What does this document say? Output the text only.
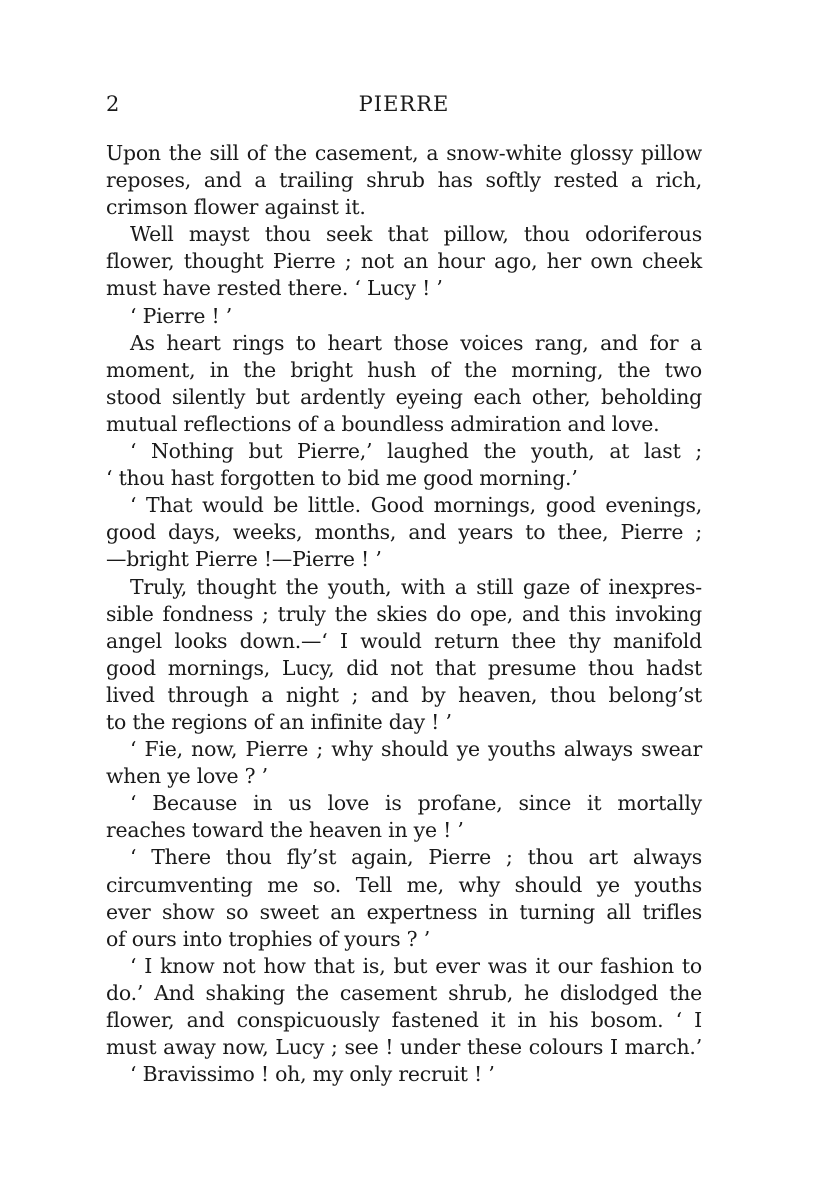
2	PIERRE
Upon the sill of the casement, a snow-white glossy pillow
reposes, and a trailing shrub has softly rested a rich,
crimson flower against it.
Well mayst thou seek that pillow, thou odoriferous
flower, thought Pierre ; not an hour ago, her own cheek
must have rested there. ‘ Lucy ! ’
‘ Pierre ! ’
As heart rings to heart those voices rang, and for a
moment, in the bright hush of the morning, the two
stood silently but ardently eyeing each other, beholding
mutual reflections of a boundless admiration and love.
‘ Nothing but Pierre,’ laughed the youth, at last ;
‘ thou hast forgotten to bid me good morning.’
‘ That would be little. Good mornings, good evenings,
good days, weeks, months, and years to thee, Pierre ;
—bright Pierre !—Pierre ! ’
Truly, thought the youth, with a still gaze of inexpres-
sible fondness ; truly the skies do ope, and this invoking
angel looks down.—‘ I would return thee thy manifold
good mornings, Lucy, did not that presume thou hadst
lived through a night ; and by heaven, thou belong’st
to the regions of an infinite day ! ’
‘ Fie, now, Pierre ; why should ye youths always swear
when ye love ? ’
‘ Because in us love is profane, since it mortally
reaches toward the heaven in ye ! ’
‘ There thou fly’st again, Pierre ; thou art always
circumventing me so. Tell me, why should ye youths
ever show so sweet an expertness in turning all trifles
of ours into trophies of yours ? ’
‘ I know not how that is, but ever was it our fashion to
do.’ And shaking the casement shrub, he dislodged the
flower, and conspicuously fastened it in his bosom. ‘ I
must away now, Lucy ; see ! under these colours I march.’
‘ Bravissimo ! oh, my only recruit ! ’
